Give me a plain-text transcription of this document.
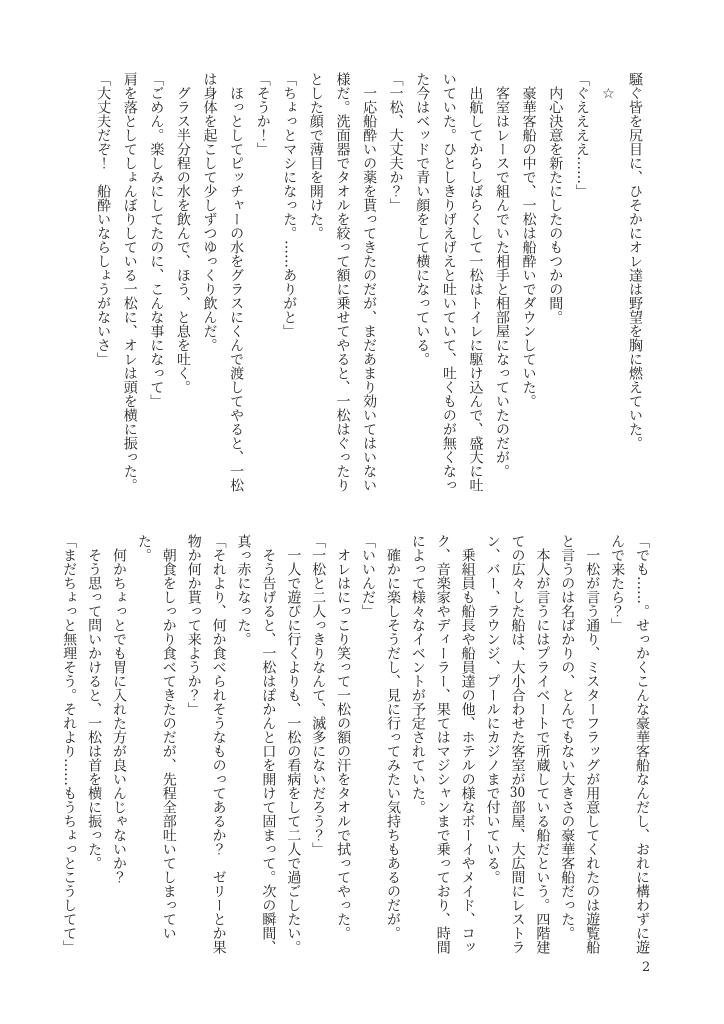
騒ぐ皆を尻目に、ひそかにオレ達は野望を胸に燃えていた。

☆

「ぐええええ……」

内心決意を新たにしたのもつかの間。

豪華客船の中で、一松は船酔いでダウンしていた。

客室はレースで組んでいた相手と相部屋になっていたのだが。

出航してからしばらくして一松はトイレに駆け込んで、盛大に吐いていた。ひとしきりげえげえと吐いていて、吐くものが無くなった今はベッドで青い顔をして横になっている。

「一松、大丈夫か？」

一応船酔いの薬を貰ってきたのだが、まだあまり効いてはいない様だ。洗面器でタオルを絞って額に乗せてやると、一松はぐったりとした顔で薄目を開けた。

「ちょっとマシになった。……ありがと」

「そうか！」

ほっとしてピッチャーの水をグラスにくんで渡してやると、一松は身体を起こして少しずつゆっくり飲んだ。

グラス半分程の水を飲んで、ほう、と息を吐く。

「ごめん。楽しみにしてたのに、こんな事になって」

肩を落としてしょんぼりしている一松に、オレは頭を横に振った。

「大丈夫だぞ！　船酔いならしょうがないさ」

「でも……。せっかくこんな豪華客船なんだし、おれに構わずに遊んで来たら？」

一松が言う通り、ミスターフラッグが用意してくれたのは遊覧船と言うのは名ばかりの、とんでもない大きさの豪華客船だった。

本人が言うにはプライベートで所蔵している船だという。四階建ての広々した船は、大小合わせた客室が30部屋、大広間にレストラン、バー、ラウンジ、プールにカジノまで付いている。

乗組員も船長や船員達の他、ホテルの様なボーイやメイド、コック、音楽家やディーラー、果てはマジシャンまで乗っており、時間によって様々なイベントが予定されていた。

確かに楽しそうだし、見に行ってみたい気持ちもあるのだが。

「いいんだ」

オレはにっこり笑って一松の額の汗をタオルで拭ってやった。

「一松と二人っきりなんて、滅多にないだろう？」

一人で遊びに行くよりも、一松の看病をして二人で過ごしたい。

そう告げると、一松はぽかんと口を開けて固まって。次の瞬間、真っ赤になった。

「それより、何か食べられそうなものってあるか？　ゼリーとか果物か何か貰って来ようか？」

朝食をしっかり食べてきたのだが、先程全部吐いてしまっていた。

何かちょっとでも胃に入れた方が良いんじゃないか？

そう思って問いかけると、一松は首を横に振った。

「まだちょっと無理そう。それより……もうちょっとこうしてて」

2
